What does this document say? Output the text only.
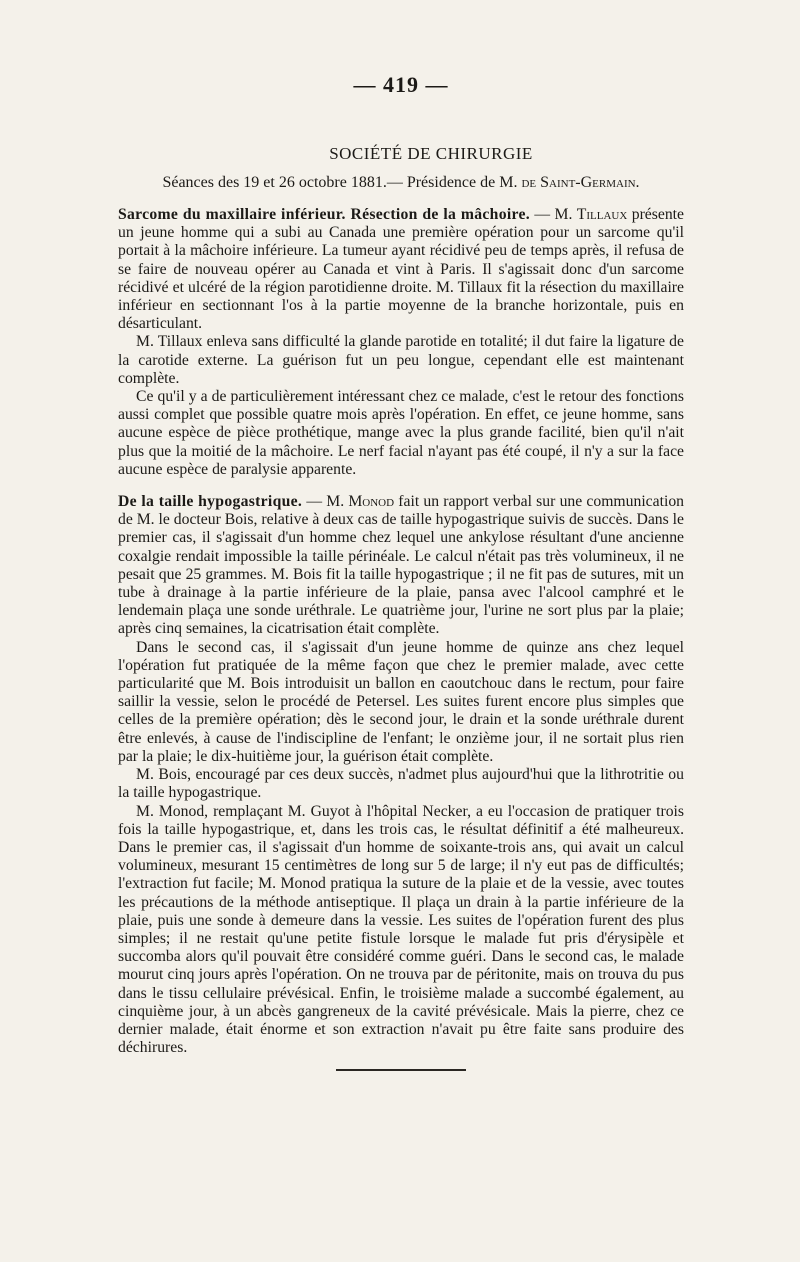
— 419 —
SOCIÉTÉ DE CHIRURGIE
Séances des 19 et 26 octobre 1881.— Présidence de M. de Saint-Germain.

Sarcome du maxillaire inférieur. Résection de la mâchoire. — M. Tillaux présente un jeune homme qui a subi au Canada une première opération pour un sarcome qu'il portait à la mâchoire inférieure. La tumeur ayant récidivé peu de temps après, il refusa de se faire de nouveau opérer au Canada et vint à Paris. Il s'agissait donc d'un sarcome récidivé et ulcéré de la région parotidienne droite. M. Tillaux fit la résection du maxillaire inférieur en sectionnant l'os à la partie moyenne de la branche horizontale, puis en désarticulant.

M. Tillaux enleva sans difficulté la glande parotide en totalité; il dut faire la ligature de la carotide externe. La guérison fut un peu longue, cependant elle est maintenant complète.

Ce qu'il y a de particulièrement intéressant chez ce malade, c'est le retour des fonctions aussi complet que possible quatre mois après l'opération. En effet, ce jeune homme, sans aucune espèce de pièce prothétique, mange avec la plus grande facilité, bien qu'il n'ait plus que la moitié de la mâchoire. Le nerf facial n'ayant pas été coupé, il n'y a sur la face aucune espèce de paralysie apparente.

De la taille hypogastrique. — M. Monod fait un rapport verbal sur une communication de M. le docteur Bois, relative à deux cas de taille hypogastrique suivis de succès. Dans le premier cas, il s'agissait d'un homme chez lequel une ankylose résultant d'une ancienne coxalgie rendait impossible la taille périnéale. Le calcul n'était pas très volumineux, il ne pesait que 25 grammes. M. Bois fit la taille hypogastrique ; il ne fit pas de sutures, mit un tube à drainage à la partie inférieure de la plaie, pansa avec l'alcool camphré et le lendemain plaça une sonde uréthrale. Le quatrième jour, l'urine ne sort plus par la plaie; après cinq semaines, la cicatrisation était complète.

Dans le second cas, il s'agissait d'un jeune homme de quinze ans chez lequel l'opération fut pratiquée de la même façon que chez le premier malade, avec cette particularité que M. Bois introduisit un ballon en caoutchouc dans le rectum, pour faire saillir la vessie, selon le procédé de Petersel. Les suites furent encore plus simples que celles de la première opération; dès le second jour, le drain et la sonde uréthrale durent être enlevés, à cause de l'indiscipline de l'enfant; le onzième jour, il ne sortait plus rien par la plaie; le dix-huitième jour, la guérison était complète.

M. Bois, encouragé par ces deux succès, n'admet plus aujourd'hui que la lithrotritie ou la taille hypogastrique.

M. Monod, remplaçant M. Guyot à l'hôpital Necker, a eu l'occasion de pratiquer trois fois la taille hypogastrique, et, dans les trois cas, le résultat définitif a été malheureux. Dans le premier cas, il s'agissait d'un homme de soixante-trois ans, qui avait un calcul volumineux, mesurant 15 centimètres de long sur 5 de large; il n'y eut pas de difficultés; l'extraction fut facile; M. Monod pratiqua la suture de la plaie et de la vessie, avec toutes les précautions de la méthode antiseptique. Il plaça un drain à la partie inférieure de la plaie, puis une sonde à demeure dans la vessie. Les suites de l'opération furent des plus simples; il ne restait qu'une petite fistule lorsque le malade fut pris d'érysipèle et succomba alors qu'il pouvait être considéré comme guéri. Dans le second cas, le malade mourut cinq jours après l'opération. On ne trouva par de péritonite, mais on trouva du pus dans le tissu cellulaire prévésical. Enfin, le troisième malade a succombé également, au cinquième jour, à un abcès gangreneux de la cavité prévésicale. Mais la pierre, chez ce dernier malade, était énorme et son extraction n'avait pu être faite sans produire des déchirures.
